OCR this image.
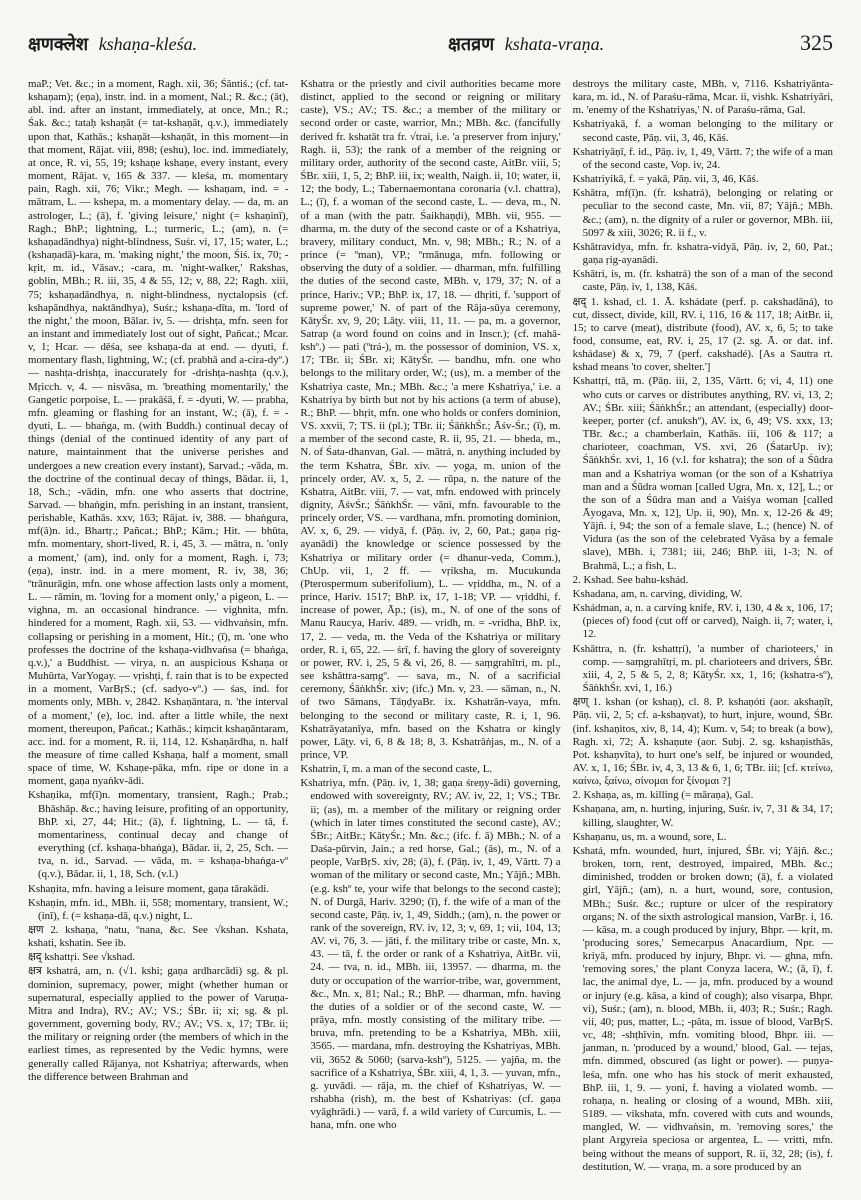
क्षणक्लेश kshaṇa-kleśa.	क्षतव्रण kshata-vraṇa.	325

maP.; Vet. &c.; in a moment, Ragh. xii, 36; Śāntiś.; (cf. tat-kshaṇam); (eṇa), instr. ind. in a moment, Nal.; R. &c.; (āt), abl. ind. after an instant, immediately, at once, Mn.; R.; Śak. &c.; tataḥ kshaṇāt (= tat-kshaṇāt, q.v.), immediately upon that, Kathās.; kshaṇāt—kshaṇāt, in this moment—in that moment, Rājat. viii, 898; (eshu), loc. ind. immediately, at once, R. vi, 55, 19; kshaṇe kshaṇe, every instant, every moment, Rājat. v, 165 & 337. — kleśa, m. momentary pain, Ragh. xii, 76; Vikr.; Megh. — kshaṇam, ind. = -mātram, L. — kshepa, m. a momentary delay. — da, m. an astrologer, L.; (ā), f. 'giving leisure,' night (= kshaṇinī), Ragh.; BhP.; lightning, L.; turmeric, L.; (am), n. (= kshaṇadāndhya) night-blindness, Suśr. vi, 17, 15; water, L.; (kshaṇadā)-kara, m. 'making night,' the moon, Śiś. ix, 70; -kṛit, m. id., Vāsav.; -cara, m. 'night-walker,' Rakshas, goblin, MBh.; R. iii, 35, 4 & 55, 12; v, 88, 22; Ragh. xiii, 75; kshaṇadāndhya, n. night-blindness, nyctalopsis (cf. kshapāndhya, naktāndhya), Suśr.; kshaṇa-dīta, m. 'lord of the night,' the moon, Bālar. iv, 5. — drishṭa, mfn. seen for an instant and immediately lost out of sight, Pañcat.; Mcar. v, 1; Hcar. — dēśa, see kshaṇa-da at end. — dyuti, f. momentary flash, lightning, W.; (cf. prabhā and a-cira-dyº.) — nashṭa-drishṭa, inaccurately for -drishṭa-nashṭa (q.v.), Mṛicch. v, 4. — nisvāsa, m. 'breathing momentarily,' the Gangetic porpoise, L. — prakāśā, f. = -dyuti, W. — prabha, mfn. gleaming or flashing for an instant, W.; (ā), f. = -dyuti, L. — bhaṅga, m. (with Buddh.) continual decay of things (denial of the continued identity of any part of nature, maintainment that the universe perishes and undergoes a new creation every instant), Sarvad.; -vāda, m. the doctrine of the continual decay of things, Bādar. ii, 1, 18, Sch.; -vādin, mfn. one who asserts that doctrine, Sarvad. — bhaṅgin, mfn. perishing in an instant, transient, perishable, Kathās. xxv, 163; Rājat. iv, 388. — bhaṅgura, mf(ā)n. id., Bhartṛ.; Pañcat.; BhP.; Kām.; Hit. — bhūta, mfn. momentary, short-lived, R. i, 45, 3. — mātra, n. 'only a moment,' (am), ind. only for a moment, Ragh. i, 73; (eṇa), instr. ind. in a mere moment, R. iv, 38, 36; ºtrānurāgin, mfn. one whose affection lasts only a moment, L. — rāmin, m. 'loving for a moment only,' a pigeon, L. — vighna, m. an occasional hindrance. — vighnita, mfn. hindered for a moment, Ragh. xii, 53. — vidhvaṅsin, mfn. collapsing or perishing in a moment, Hit.; (ī), m. 'one who professes the doctrine of the kshaṇa-vidhvaṅsa (= bhaṅga, q.v.),' a Buddhist. — virya, n. an auspicious Kshaṇa or Muhūrta, VarYogay. — vṛishṭi, f. rain that is to be expected in a moment, VarBṛS.; (cf. sadyo-vº.) — śas, ind. for moments only, MBh. v, 2842. Kshaṇāntara, n. 'the interval of a moment,' (e), loc. ind. after a little while, the next moment, thereupon, Pañcat.; Kathās.; kiṃcit kshaṇāntaram, acc. ind. for a moment, R. ii, 114, 12. Kshaṇārdha, n. half the measure of time called Kshaṇa, half a moment, small space of time, W. Kshaṇe-pāka, mfn. ripe or done in a moment, gaṇa nyaṅkv-ādi.

Kshaṇika, mf(ī)n. momentary, transient, Ragh.; Prab.; Bhāshāp. &c.; having leisure, profiting of an opportunity, BhP. xi, 27, 44; Hit.; (ā), f. lightning, L. — tā, f. momentariness, continual decay and change of everything (cf. kshaṇa-bhaṅga), Bādar. ii, 2, 25, Sch. — tva, n. id., Sarvad. — vāda, m. = kshaṇa-bhaṅga-vº (q.v.), Bādar. ii, 1, 18, Sch. (v.l.)

Kshaṇita, mfn. having a leisure moment, gaṇa tārakādi.

Kshaṇin, mfn. id., MBh. ii, 558; momentary, transient, W.; (inī), f. (= kshaṇa-dā, q.v.) night, L.

क्षण 2. kshaṇa, ºnatu, ºnana, &c. See √kshan. Kshata, kshati, kshatin. See ib.

क्षद् kshattṛi. See √kshad.

क्षत्र kshatrá, am, n. (√1. kshi; gaṇa ardharcādi) sg. & pl. dominion, supremacy, power, might (whether human or supernatural, especially applied to the power of Varuṇa-Mitra and Indra), RV.; AV.; VS.; ŚBr. ii; xi; sg. & pl. government, governing body, RV.; AV.; VS. x, 17; TBr. ii; the military or reigning order (the members of which in the earliest times, as represented by the Vedic hymns, were generally called Rājanya, not Kshatriya; afterwards, when the difference between Brahman and

Kshatra or the priestly and civil authorities became more distinct, applied to the second or reigning or military caste), VS.; AV.; TS. &c.; a member of the military or second order or caste, warrior, Mn.; MBh. &c. (fancifully derived fr. kshatāt tra fr. √trai, i.e. 'a preserver from injury,' Ragh. ii, 53); the rank of a member of the reigning or military order, authority of the second caste, AitBr. viii, 5; ŚBr. xiii, 1, 5, 2; BhP. iii, ix; wealth, Naigh. ii, 10; water, ii, 12; the body, L.; Tabernaemontana coronaria (v.l. chattra), L.; (ī), f. a woman of the second caste, L. — deva, m., N. of a man (with the patr. Śaikhaṇḍi), MBh. vii, 955. — dharma, m. the duty of the second caste or of a Kshatriya, bravery, military conduct, Mn. v, 98; MBh.; R.; N. of a prince (= ºman), VP.; ºrmānuga, mfn. following or observing the duty of a soldier. — dharman, mfn. fulfilling the duties of the second caste, MBh. v, 179, 37; N. of a prince, Hariv.; VP.; BhP. ix, 17, 18. — dhṛiti, f. 'support of supreme power,' N. of part of the Rāja-sūya ceremony, KātyŚr. xv, 9, 20; Lāṭy. viii, 11, 11. — pa, m. a governor, Satrap (a word found on coins and in Inscr.); (cf. mahā-kshº.) — pati (ºtrá-), m. the possessor of dominion, VS. x, 17; TBr. ii; ŚBr. xi; KātyŚr. — bandhu, mfn. one who belongs to the military order, W.; (us), m. a member of the Kshatriya caste, Mn.; MBh. &c.; 'a mere Kshatriya,' i.e. a Kshatriya by birth but not by his actions (a term of abuse), R.; BhP. — bhṛit, mfn. one who holds or confers dominion, VS. xxvii, 7; TS. ii (pl.); TBr. ii; ŚāṅkhŚr.; Āśv-Śr.; (ī), m. a member of the second caste, R. ii, 95, 21. — bheda, m., N. of Śata-dhanvan, Gal. — mātrá, n. anything included by the term Kshatra, ŚBr. xiv. — yoga, m. union of the princely order, AV. x, 5, 2. — rūpa, n. the nature of the Kshatra, AitBr. viii, 7. — vat, mfn. endowed with princely dignity, ĀśvŚr.; ŚāṅkhŚr. — vāni, mfn. favourable to the princely order, VS. — vardhana, mfn. promoting dominion, AV. x, 6, 29. — vidyā, f. (Pāṇ. iv, 2, 60, Pat.; gaṇa ṛig-ayanādi) the knowledge or science possessed by the Kshatriya or military order (= dhanur-veda, Comm.), ChUp. vii, 1, 2 ff. — vṛiksha, m. Mucukunda (Pterospermum suberifolium), L. — vṛiddha, m., N. of a prince, Hariv. 1517; BhP. ix, 17, 1-18; VP. — vṛiddhi, f. increase of power, Āp.; (is), m., N. of one of the sons of Manu Raucya, Hariv. 489. — vridh, m. = -vridha, BhP. ix, 17, 2. — veda, m. the Veda of the Kshatriya or military order, R. i, 65, 22. — śrī, f. having the glory of sovereignty or power, RV. i, 25, 5 & vi, 26, 8. — saṃgrahītri, m. pl., see kshāttra-saṃgº. — sava, m., N. of a sacrificial ceremony, ŚāṅkhŚr. xiv; (ifc.) Mn. v, 23. — sāman, n., N. of two Sāmans, TāṇḍyaBr. ix. Kshatrān-vaya, mfn. belonging to the second or military caste, R. i, 1, 96. Kshatrāyatanīya, mfn. based on the Kshatra or kingly power, Lāṭy. vi, 6, 8 & 18; 8, 3. Kshatrāṅjas, m., N. of a prince, VP.

Kshatrin, ī, m. a man of the second caste, L.

Kshatriya, mfn. (Pāṇ. iv, 1, 38; gaṇa śreṇy-ādi) governing, endowed with sovereignty, RV.; AV. iv, 22, 1; VS.; TBr. ii; (as), m. a member of the military or reigning order (which in later times constituted the second caste), AV.; ŚBr.; AitBr.; KātyŚr.; Mn. &c.; (ifc. f. ā) MBh.; N. of a Daśa-pūrvin, Jain.; a red horse, Gal.; (ās), m., N. of a people, VarBṛS. xiv, 28; (ā), f. (Pāṇ. iv, 1, 49, Vārtt. 7) a woman of the military or second caste, Mn.; Yājñ.; MBh. (e.g. kshº te, your wife that belongs to the second caste); N. of Durgā, Hariv. 3290; (ī), f. the wife of a man of the second caste, Pāṇ. iv, 1, 49, Siddh.; (am), n. the power or rank of the sovereign, RV. iv, 12, 3; v, 69, 1; vii, 104, 13; AV. vi, 76, 3. — jāti, f. the military tribe or caste, Mn. x, 43. — tā, f. the order or rank of a Kshatriya, AitBr. vii, 24. — tva, n. id., MBh. iii, 13957. — dharma, m. the duty or occupation of the warrior-tribe, war, government, &c., Mn. x, 81; Nal.; R.; BhP. — dharman, mfn. having the duties of a soldier or of the second caste, W. — prāya, mfn. mostly consisting of the military tribe. — bruva, mfn. pretending to be a Kshatriya, MBh. xiii, 3565. — mardana, mfn. destroying the Kshatriyas, MBh. vii, 3652 & 5060; (sarva-kshº), 5125. — yajña, m. the sacrifice of a Kshatriya, ŚBr. xiii, 4, 1, 3. — yuvan, mfn., g. yuvādi. — rāja, m. the chief of Kshatriyas, W. — rshabha (rish), m. the best of Kshatriyas: (cf. gaṇa vyāghrādi.) — varā, f. a wild variety of Curcumis, L. — hana, mfn. one who

destroys the military caste, MBh. v, 7116. Kshatriyānta-kara, m. id., N. of Paraśu-rāma, Mcar. ii, vishk. Kshatriyāri, m. 'enemy of the Kshatriyas,' N. of Paraśu-rāma, Gal.

Kshatriyakā, f. a woman belonging to the military or second caste, Pāṇ. vii, 3, 46, Kāś.

Kshatriyāṇī, f. id., Pāṇ. iv, 1, 49, Vārtt. 7; the wife of a man of the second caste, Vop. iv, 24.

Kshatriyikā, f. = yakā, Pāṇ. vii, 3, 46, Kāś.

Kshātra, mf(ī)n. (fr. kshatrá), belonging or relating or peculiar to the second caste, Mn. vii, 87; Yājñ.; MBh. &c.; (am), n. the dignity of a ruler or governor, MBh. iii, 5097 & xiii, 3026; R. ii f., v.

Kshātravidya, mfn. fr. kshatra-vidyā, Pāṇ. iv, 2, 60, Pat.; gaṇa ṛig-ayanādi.

Kshātri, is, m. (fr. kshatrá) the son of a man of the second caste, Pāṇ. iv, 1, 138, Kāś.

क्षद् 1. kshad, cl. 1. Ā. kshádate (perf. p. cakshadāná), to cut, dissect, divide, kill, RV. i, 116, 16 & 117, 18; AitBr. ii, 15; to carve (meat), distribute (food), AV. x, 6, 5; to take food, consume, eat, RV. i, 25, 17 (2. sg. Ā. or dat. inf. kshádase) & x, 79, 7 (perf. cakshadé). [As a Sautra rt. kshad means 'to cover, shelter.']

Kshattṛí, ttā, m. (Pāṇ. iii, 2, 135, Vārtt. 6; vi, 4, 11) one who cuts or carves or distributes anything, RV. vi, 13, 2; AV.; ŚBr. xiii; ŚāṅkhŚr.; an attendant, (especially) door-keeper, porter (cf. anukshº), AV. ix, 6, 49; VS. xxx, 13; TBr. &c.; a chamberlain, Kathās. iii, 106 & 117; a charioteer, coachman, VS. xvi, 26 (ŚatarUp. iv); ŚāṅkhŚr. xvi, 1, 16 (v.l. for kshatra); the son of a Śūdra man and a Kshatriya woman (or the son of a Kshatriya man and a Śūdra woman [called Ugra, Mn. x, 12], L.; or the son of a Śūdra man and a Vaiśya woman [called Āyogava, Mn. x, 12], Up. ii, 90), Mn. x, 12-26 & 49; Yājñ. i, 94; the son of a female slave, L.; (hence) N. of Vidura (as the son of the celebrated Vyāsa by a female slave), MBh. i, 7381; iii, 246; BhP. iii, 1-3; N. of Brahmā, L.; a fish, L.

2. Kshad. See bahu-kshád.

Kshadana, am, n. carving, dividing, W.

Kshádman, a, n. a carving knife, RV. i, 130, 4 & x, 106, 17; (pieces of) food (cut off or carved), Naigh. ii, 7; water, i, 12.

Kshāttra, n. (fr. kshattṛí), 'a number of charioteers,' in comp. — saṃgrahītṛi, m. pl. charioteers and drivers, ŚBr. xiii, 4, 2, 5 & 5, 2, 8; KātyŚr. xx, 1, 16; (kshatra-sº), ŚāṅkhŚr. xvi, 1, 16.)

क्षण् 1. kshan (or kshaṇ), cl. 8. P. kshaṇóti (aor. akshaṇīt, Pāṇ. vii, 2, 5; cf. a-kshaṇvat), to hurt, injure, wound, ŚBr. (inf. kshaṇitos, xiv, 8, 14, 4); Kum. v, 54; to break (a bow), Ragh. xi, 72; Ā. kshaṇute (aor. Subj. 2. sg. kshaṇisthās, Pot. kshaṇvīta), to hurt one's self, be injured or wounded, AV. x, 1, 16; ŚBr. iv, 4, 3, 13 & 6, 1, 6; TBr. iii; [cf. κτείνω, καίνω, ξαίνω, σίνομαι for ξίνομαι ?]

2. Kshaṇa, as, m. killing (= māraṇa), Gal.

Kshaṇana, am, n. hurting, injuring, Suśr. iv, 7, 31 & 34, 17; killing, slaughter, W.

Kshaṇanu, us, m. a wound, sore, L.

Kshatá, mfn. wounded, hurt, injured, ŚBr. vi; Yājñ. &c.; broken, torn, rent, destroyed, impaired, MBh. &c.; diminished, trodden or broken down; (ā), f. a violated girl, Yājñ.; (am), n. a hurt, wound, sore, contusion, MBh.; Suśr. &c.; rupture or ulcer of the respiratory organs; N. of the sixth astrological mansion, VarBṛ. i, 16. — kāsa, m. a cough produced by injury, Bhpr. — kṛit, m. 'producing sores,' Semecarpus Anacardium, Npr. — kriyā, mfn. produced by injury, Bhpr. vi. — ghna, mfn. 'removing sores,' the plant Conyza lacera, W.; (ā, ī), f. lac, the animal dye, L. — ja, mfn. produced by a wound or injury (e.g. kāsa, a kind of cough); also visarpa, Bhpr. vi), Suśr.; (am), n. blood, MBh. ii, 403; R.; Suśr.; Ragh. vii, 40; pus, matter, L.; -pāta, m. issue of blood, VarBṛS. vc, 48; -shṭhīvin, mfn. vomiting blood, Bhpr. iii. — janman, n. 'produced by a wound,' blood, Gal. — tejas, mfn. dimmed, obscured (as light or power). — puṇya-leśa, mfn. one who has his stock of merit exhausted, BhP. iii, 1, 9. — yoni, f. having a violated womb. — rohaṇa, n. healing or closing of a wound, MBh. xiii, 5189. — vikshata, mfn. covered with cuts and wounds, mangled, W. — vidhvaṅsin, m. 'removing sores,' the plant Argyreia speciosa or argentea, L. — vritti, mfn. being without the means of support, R. ii, 32, 28; (is), f. destitution, W. — vraṇa, m. a sore produced by an
